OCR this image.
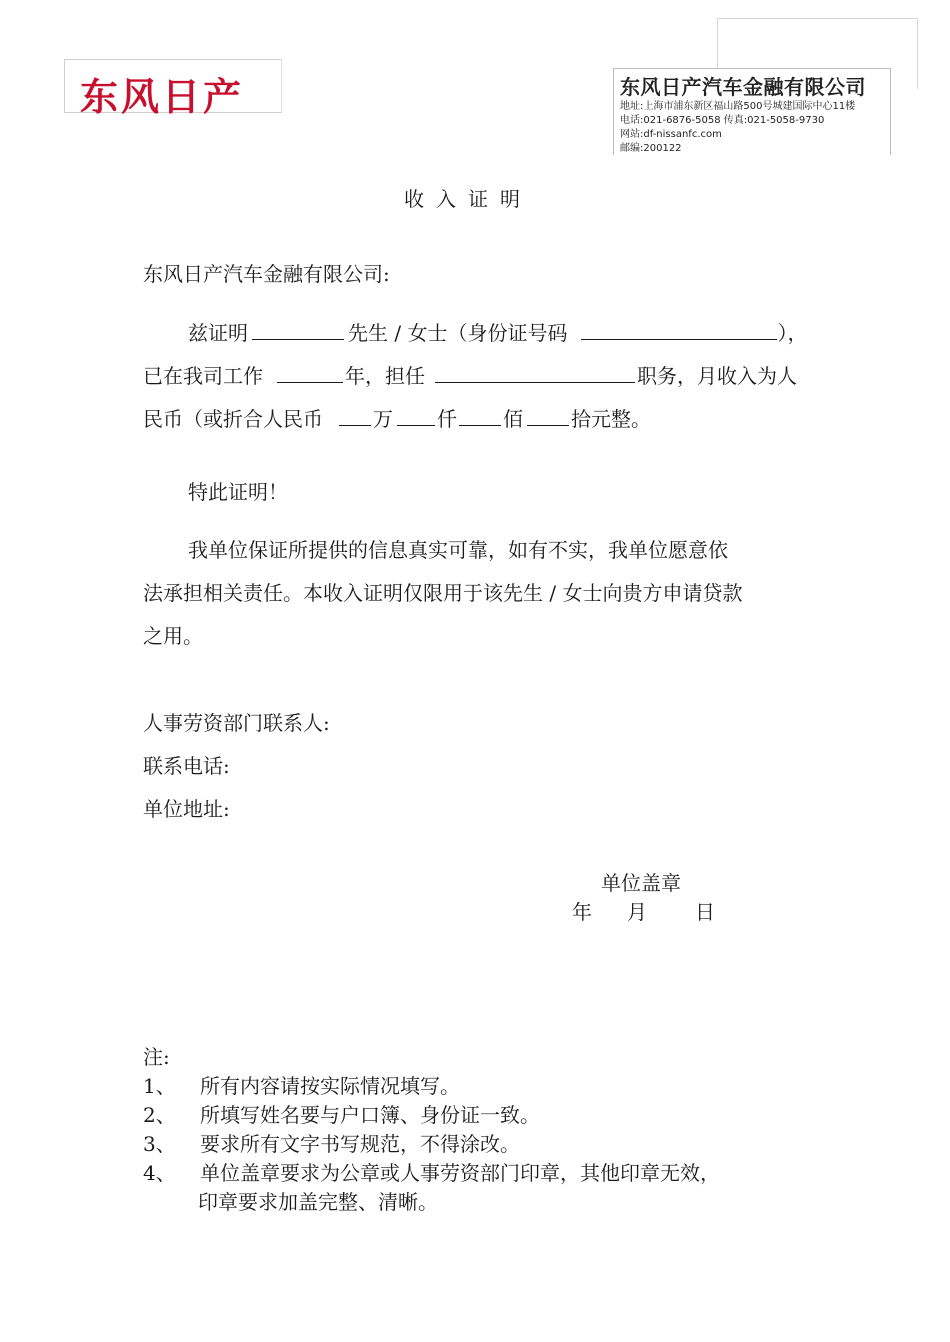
东风日产	东风日产汽车金融有限公司
地址:上海市浦东新区福山路500号城建国际中心11楼
电话:021-6876-5058 传真:021-5058-9730
网站:df-nissanfc.com
邮编:200122
收入证明
东风日产汽车金融有限公司:
兹证明	先生 / 女士（身份证号码	），
已在我司工作	年，担任	职务，月收入为人
民币（或折合人民币	万 仟 佰 拾元整。
特此证明！
我单位保证所提供的信息真实可靠，如有不实，我单位愿意依
法承担相关责任。本收入证明仅限用于该先生 / 女士向贵方申请贷款
之用。
人事劳资部门联系人:
联系电话:
单位地址:
单位盖章
年 月 日
注:
1、 所有内容请按实际情况填写。
2、 所填写姓名要与户口簿、身份证一致。
3、 要求所有文字书写规范，不得涂改。
4、 单位盖章要求为公章或人事劳资部门印章，其他印章无效，
印章要求加盖完整、清晰。
